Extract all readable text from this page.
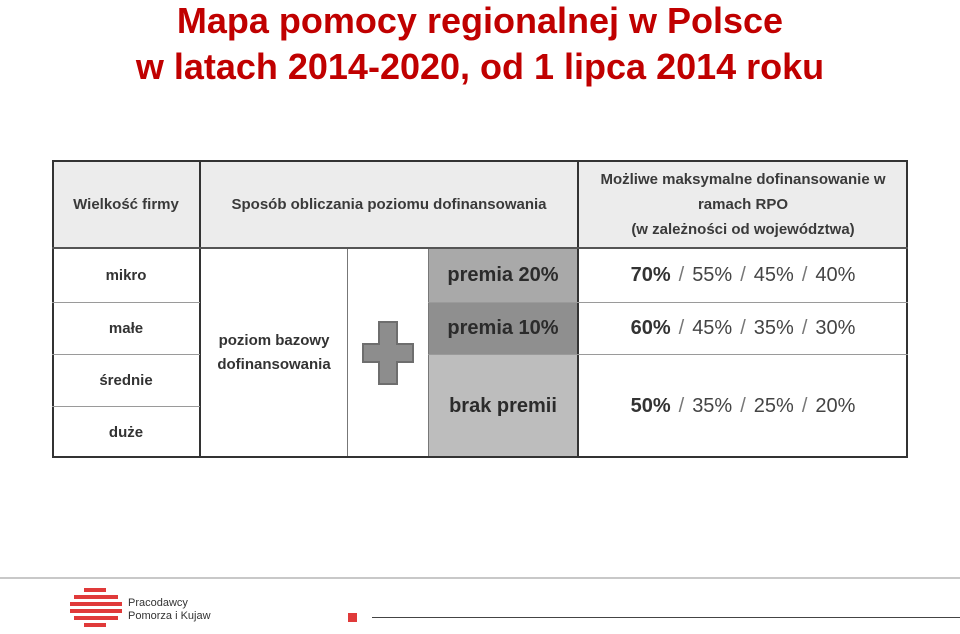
Mapa pomocy regionalnej w Polsce
w latach 2014-2020, od 1 lipca 2014 roku
Wielkość firmy	Sposób obliczania poziomu dofinansowania
Możliwe maksymalne dofinansowanie w
ramach RPO
(w zależności od województwa)
mikro
małe
średnie
duże
poziom bazowy
dofinansowania
premia 20%
premia 10%
brak premii
70% / 55% / 45% / 40%
60% / 45% / 35% / 30%
50% / 35% / 25% / 20%
Pracodawcy
Pomorza i Kujaw
